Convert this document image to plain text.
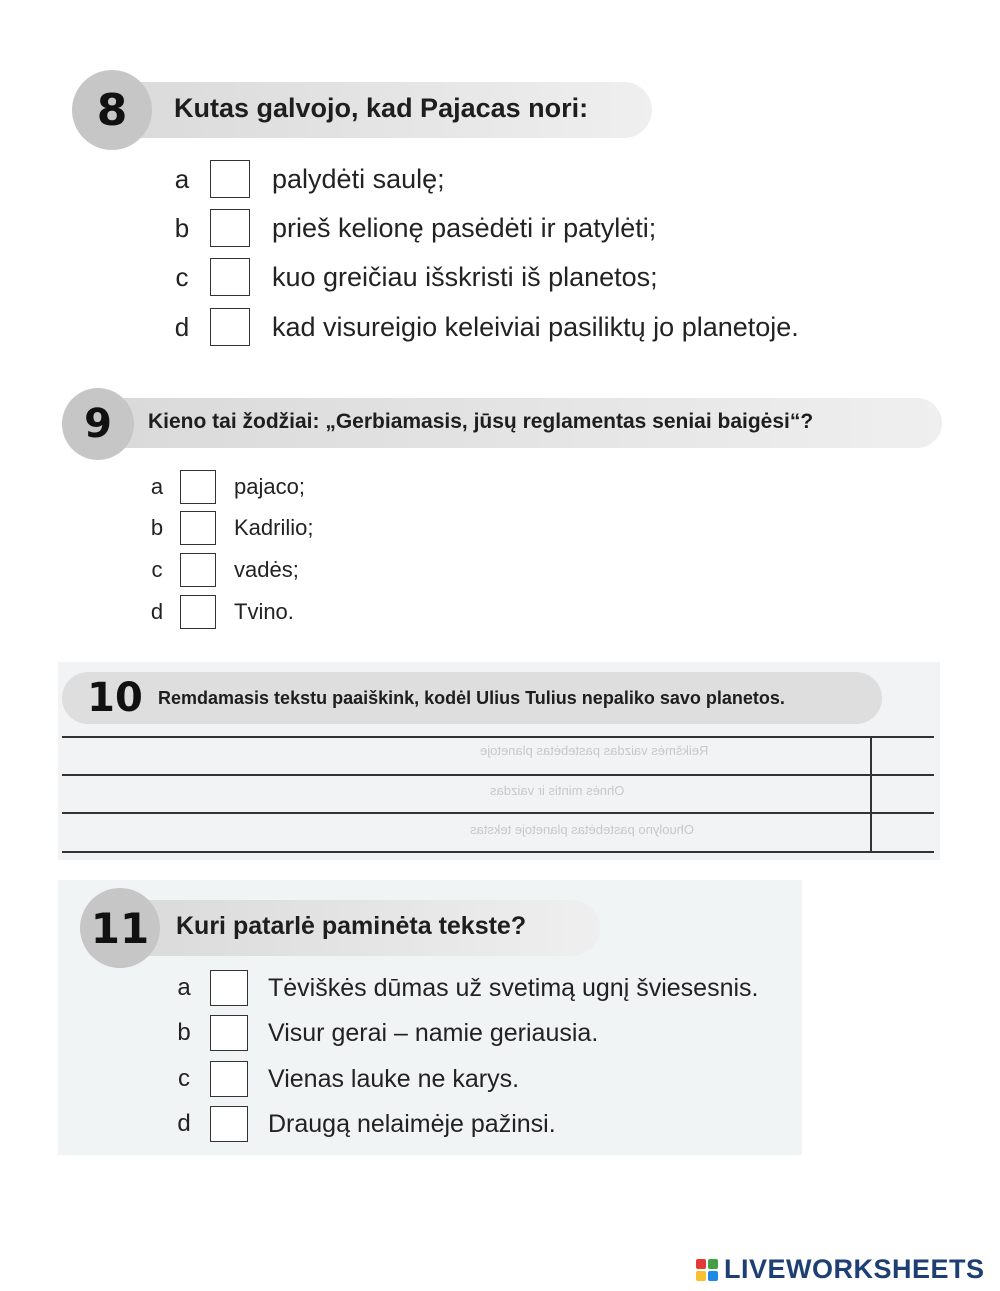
8	Kutas galvojo, kad Pajacas nori:
a	palydėti saulę;
b	prieš kelionę pasėdėti ir patylėti;
c	kuo greičiau išskristi iš planetos;
d	kad visureigio keleiviai pasiliktų jo planetoje.
9	Kieno tai žodžiai: „Gerbiamasis, jūsų reglamentas seniai baigėsi“?
a	pajaco;
b	Kadrilio;
c	vadės;
d	Tvino.
Reikšmės vaizdas pastebėtas planetoje
Ohnės mintis ir vaizdas
Ohuolyno pastebėtas planetoje tekstas
10 Remdamasis tekstu paaiškink, kodėl Ulius Tulius nepaliko savo planetos.
11	Kuri patarlė paminėta tekste?
a	Tėviškės dūmas už svetimą ugnį šviesesnis.
b	Visur gerai – namie geriausia.
c	Vienas lauke ne karys.
d	Draugą nelaimėje pažinsi.
LIVEWORKSHEETS
